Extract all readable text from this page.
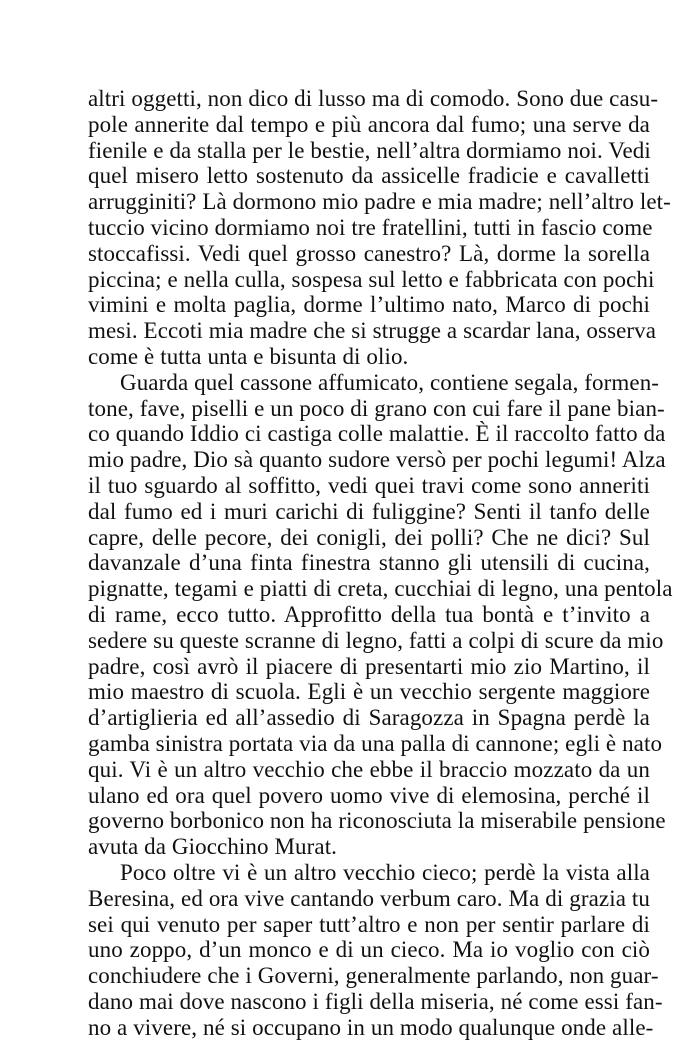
altri oggetti, non dico di lusso ma di comodo. Sono due casu-
pole annerite dal tempo e più ancora dal fumo; una serve da
fienile e da stalla per le bestie, nell’altra dormiamo noi. Vedi
quel misero letto sostenuto da assicelle fradicie e cavalletti
arrugginiti? Là dormono mio padre e mia madre; nell’altro let-
tuccio vicino dormiamo noi tre fratellini, tutti in fascio come
stoccafissi. Vedi quel grosso canestro? Là, dorme la sorella
piccina; e nella culla, sospesa sul letto e fabbricata con pochi
vimini e molta paglia, dorme l’ultimo nato, Marco di pochi
mesi. Eccoti mia madre che si strugge a scardar lana, osserva
come è tutta unta e bisunta di olio.
Guarda quel cassone affumicato, contiene segala, formen-
tone, fave, piselli e un poco di grano con cui fare il pane bian-
co quando Iddio ci castiga colle malattie. È il raccolto fatto da
mio padre, Dio sà quanto sudore versò per pochi legumi! Alza
il tuo sguardo al soffitto, vedi quei travi come sono anneriti
dal fumo ed i muri carichi di fuliggine? Senti il tanfo delle
capre, delle pecore, dei conigli, dei polli? Che ne dici? Sul
davanzale d’una finta finestra stanno gli utensili di cucina,
pignatte, tegami e piatti di creta, cucchiai di legno, una pentola
di rame, ecco tutto. Approfitto della tua bontà e t’invito a
sedere su queste scranne di legno, fatti a colpi di scure da mio
padre, così avrò il piacere di presentarti mio zio Martino, il
mio maestro di scuola. Egli è un vecchio sergente maggiore
d’artiglieria ed all’assedio di Saragozza in Spagna perdè la
gamba sinistra portata via da una palla di cannone; egli è nato
qui. Vi è un altro vecchio che ebbe il braccio mozzato da un
ulano ed ora quel povero uomo vive di elemosina, perché il
governo borbonico non ha riconosciuta la miserabile pensione
avuta da Giocchino Murat.
Poco oltre vi è un altro vecchio cieco; perdè la vista alla
Beresina, ed ora vive cantando verbum caro. Ma di grazia tu
sei qui venuto per saper tutt’altro e non per sentir parlare di
uno zoppo, d’un monco e di un cieco. Ma io voglio con ciò
conchiudere che i Governi, generalmente parlando, non guar-
dano mai dove nascono i figli della miseria, né come essi fan-
no a vivere, né si occupano in un modo qualunque onde alle-
